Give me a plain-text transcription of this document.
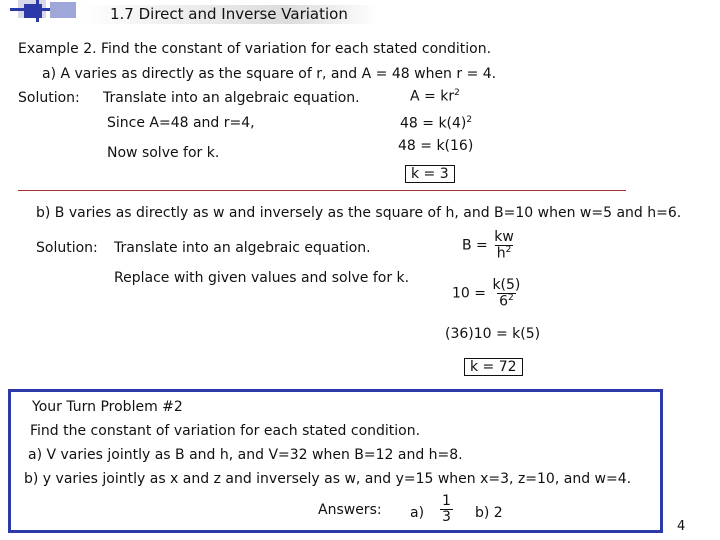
1.7 Direct and Inverse Variation
Example 2. Find the constant of variation for each stated condition.
a) A varies as directly as the square of r, and A = 48 when r = 4.
Solution: Translate into an algebraic equation.
Since A=48 and r=4,
Now solve for k.
$A = kr^2$
$48 = k(4)^2$
48 = k(16)
k = 3
b) B varies as directly as w and inversely as the square of h, and B=10 when w=5 and h=6.
Solution: Translate into an algebraic equation.
Replace with given values and solve for k.
$B = \frac{kw}{h^2}$
$10 = \frac{k(5)}{6^2}$
(36)10 = k(5)
k = 72
Your Turn Problem #2
Find the constant of variation for each stated condition.
a) V varies jointly as B and h, and V=32 when B=12 and h=8.
b) y varies jointly as x and z and inversely as w, and y=15 when x=3, z=10, and w=4.
Answers: $a) \frac{1}{3} b$) 2
4
